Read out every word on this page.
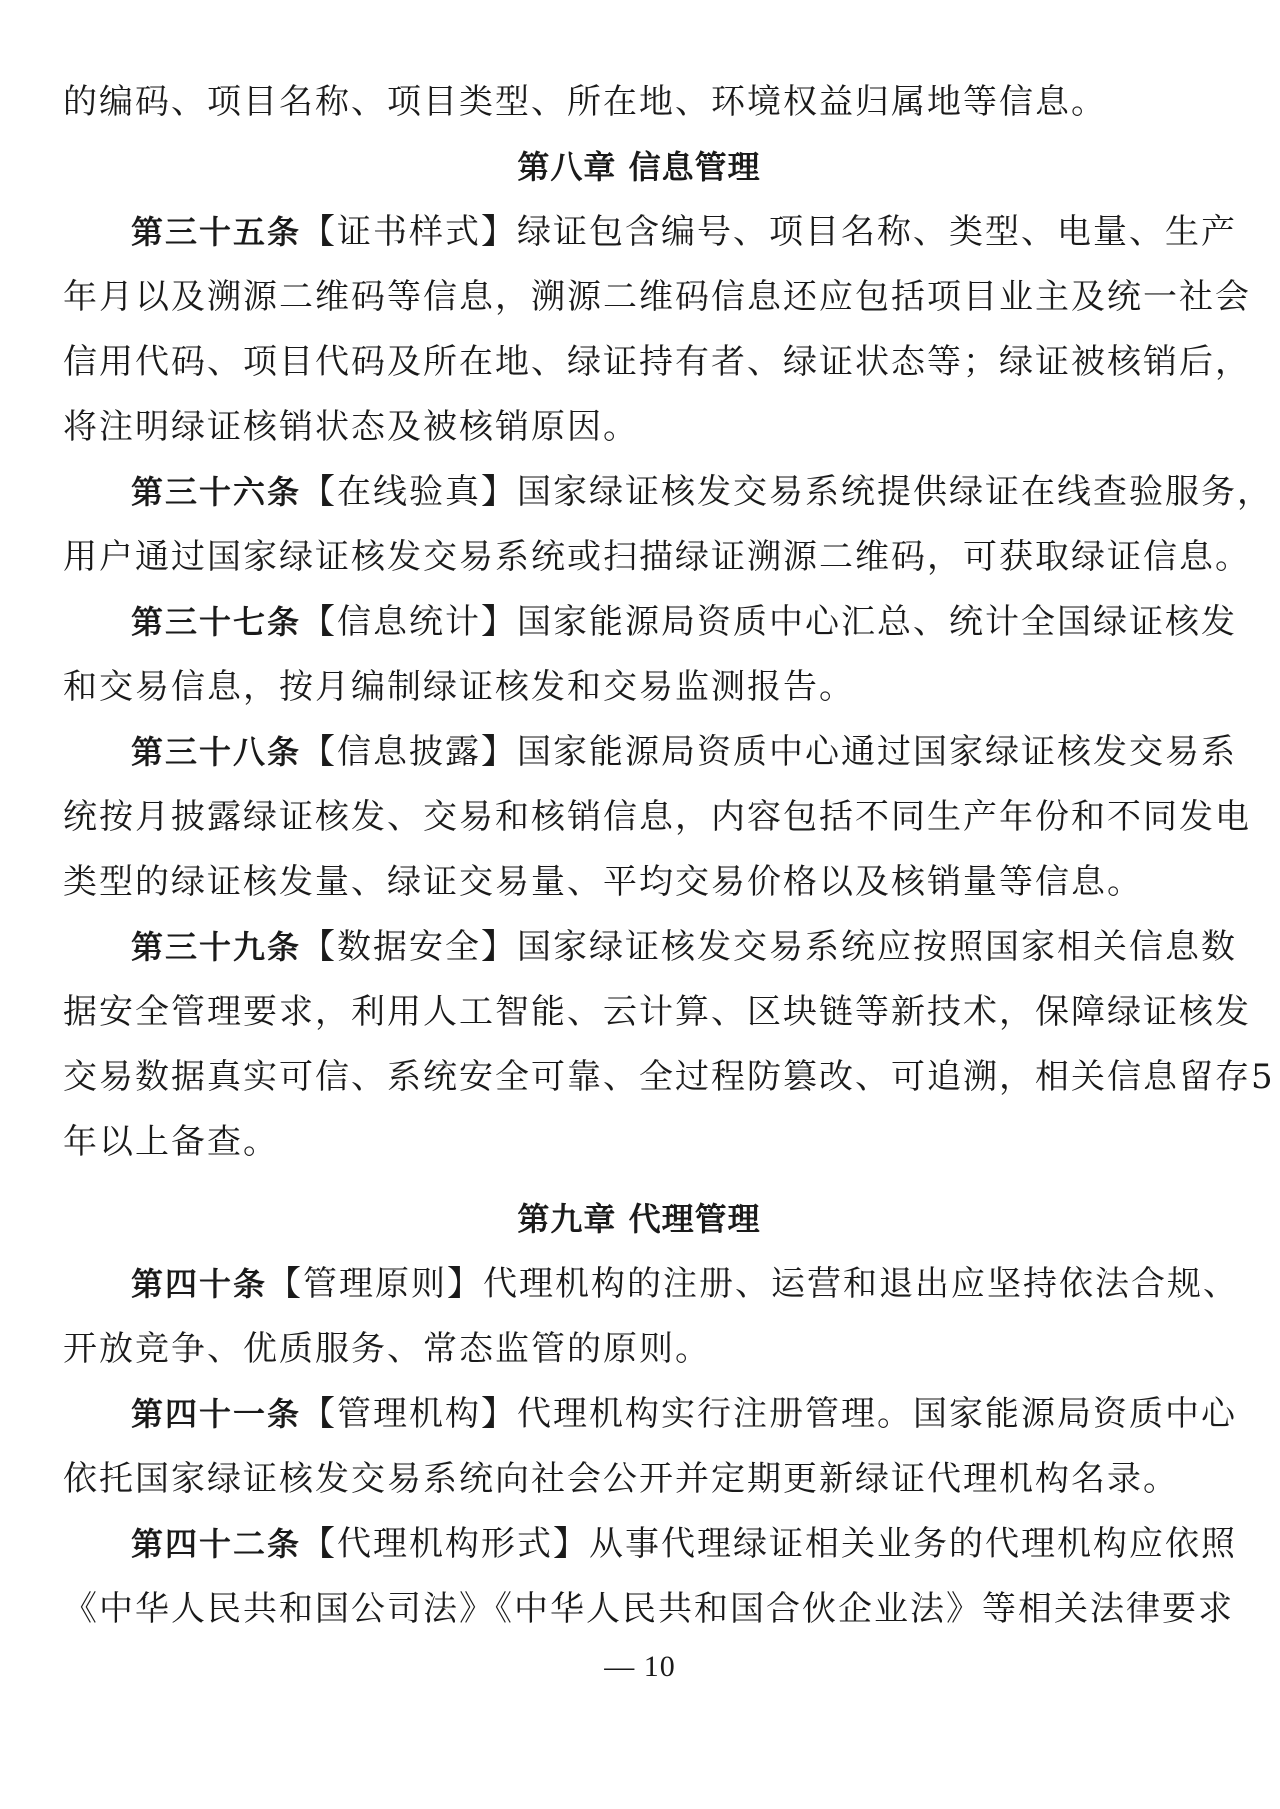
的编码、项目名称、项目类型、所在地、环境权益归属地等信息。
第八章 信息管理
第三十五条【证书样式】绿证包含编号、项目名称、类型、电量、生产
年月以及溯源二维码等信息，溯源二维码信息还应包括项目业主及统一社会
信用代码、项目代码及所在地、绿证持有者、绿证状态等；绿证被核销后，
将注明绿证核销状态及被核销原因。
第三十六条【在线验真】国家绿证核发交易系统提供绿证在线查验服务，
用户通过国家绿证核发交易系统或扫描绿证溯源二维码，可获取绿证信息。
第三十七条【信息统计】国家能源局资质中心汇总、统计全国绿证核发
和交易信息，按月编制绿证核发和交易监测报告。
第三十八条【信息披露】国家能源局资质中心通过国家绿证核发交易系
统按月披露绿证核发、交易和核销信息，内容包括不同生产年份和不同发电
类型的绿证核发量、绿证交易量、平均交易价格以及核销量等信息。
第三十九条【数据安全】国家绿证核发交易系统应按照国家相关信息数
据安全管理要求，利用人工智能、云计算、区块链等新技术，保障绿证核发
交易数据真实可信、系统安全可靠、全过程防篡改、可追溯，相关信息留存5
年以上备查。
第九章 代理管理
第四十条【管理原则】代理机构的注册、运营和退出应坚持依法合规、
开放竞争、优质服务、常态监管的原则。
第四十一条【管理机构】代理机构实行注册管理。国家能源局资质中心
依托国家绿证核发交易系统向社会公开并定期更新绿证代理机构名录。
第四十二条【代理机构形式】从事代理绿证相关业务的代理机构应依照
《中华人民共和国公司法》《中华人民共和国合伙企业法》等相关法律要求
— 10
